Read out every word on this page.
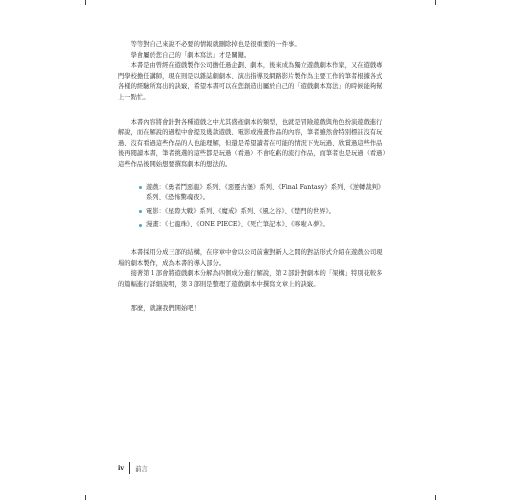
等等對自己來說不必要的情報就刪除掉也是很重要的一件事。

學會屬於您自己的「劇本寫法」才是關鍵。

本書是由曾經在遊戲製作公司擔任過企劃、劇本，後來成為獨立遊戲劇本作家，又在遊戲專門學校擔任講師，現在則是以雜誌劇劇本、演出指導及網路影片製作為主要工作的筆者根據各式各樣的經驗所寫出的訣竅，希望本書可以在您創造出屬於自己的「遊戲劇本寫法」的時候能夠幫上一點忙。

本書內容將會針對各種遊戲之中尤其盛產劇本的類型，也就是冒險遊戲與角色扮演遊戲進行解說，而在解說的過程中會提及幾款遊戲、電影或漫畫作品的內容，筆者雖然會特別標註沒有玩過、沒有看過這些作品的人也能理解，但還是希望讀者在可能的情況下先玩過、欣賞過這些作品後再閱讀本書，筆者挑選的這些都是玩過（看過）不會吃虧的流行作品，而筆者也是玩過（看過）這些作品後開始想要撰寫劇本的想法的。

遊戲：《勇者鬥惡龍》系列、《惡靈古堡》系列、《Final Fantasy》系列、《逆轉裁判》系列、《恐怖驚魂夜》。
電影：《星際大戰》系列、《魔戒》系列、《風之谷》、《楚門的世界》。
漫畫：《七龍珠》、《ONE PIECE》、《死亡筆記本》、《哆啦Ａ夢》。

本書採用分成三部的結構，在序章中會以公司前輩對新人之間的對話形式介紹在遊戲公司現場的劇本製作，成為本書的導入部分。

接著第１部會將遊戲劇本分解為四個成分進行解說，第２部針對劇本的「架構」特別花較多的篇幅進行詳細說明，第３部則是整理了遊戲劇本中撰寫文章上的訣竅。

那麼，就讓我們開始吧！

iv 前言
